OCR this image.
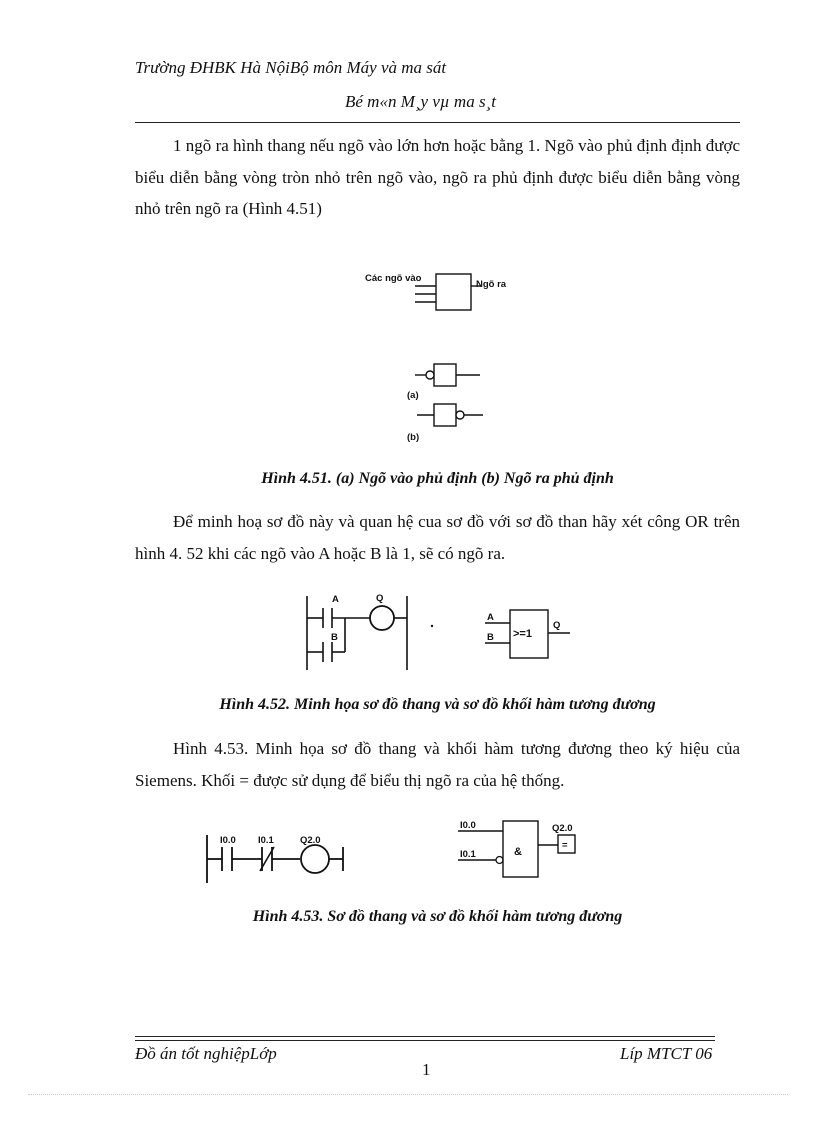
Trường ĐHBK Hà NộiBộ môn Máy và ma sát
Bé m«n M¸y vµ ma s¸t
1 ngõ ra hình thang nếu ngõ vào lớn hơn hoặc bằng 1. Ngõ vào phủ định định được biểu diễn bằng vòng tròn nhỏ trên ngõ vào, ngõ ra phủ định được biểu diễn bằng vòng nhỏ trên ngõ ra (Hình 4.51)
Các ngõ vào
Ngõ ra
(a)
(b)
Hình 4.51. (a) Ngõ vào phủ định (b) Ngõ ra phủ định
Để minh hoạ sơ đồ này và quan hệ cua sơ đồ với sơ đồ than hãy xét công OR trên hình 4. 52 khi các ngõ vào A hoặc B là 1, sẽ có ngõ ra.
A
B
Q
A
B >=1
Q
Hình 4.52. Minh họa sơ đồ thang và sơ đồ khối hàm tương đương
Hình 4.53. Minh họa sơ đồ thang và khối hàm tương đương theo ký hiệu của Siemens. Khối = được sử dụng để biểu thị ngõ ra của hệ thống.
I0.0 I0.1	Q2.0
I0.0
I0.1	&
=
Q2.0
Hình 4.53. Sơ đồ thang và sơ đồ khối hàm tương đương
Đồ án tốt nghiệpLớp	Líp MTCT 06
1
